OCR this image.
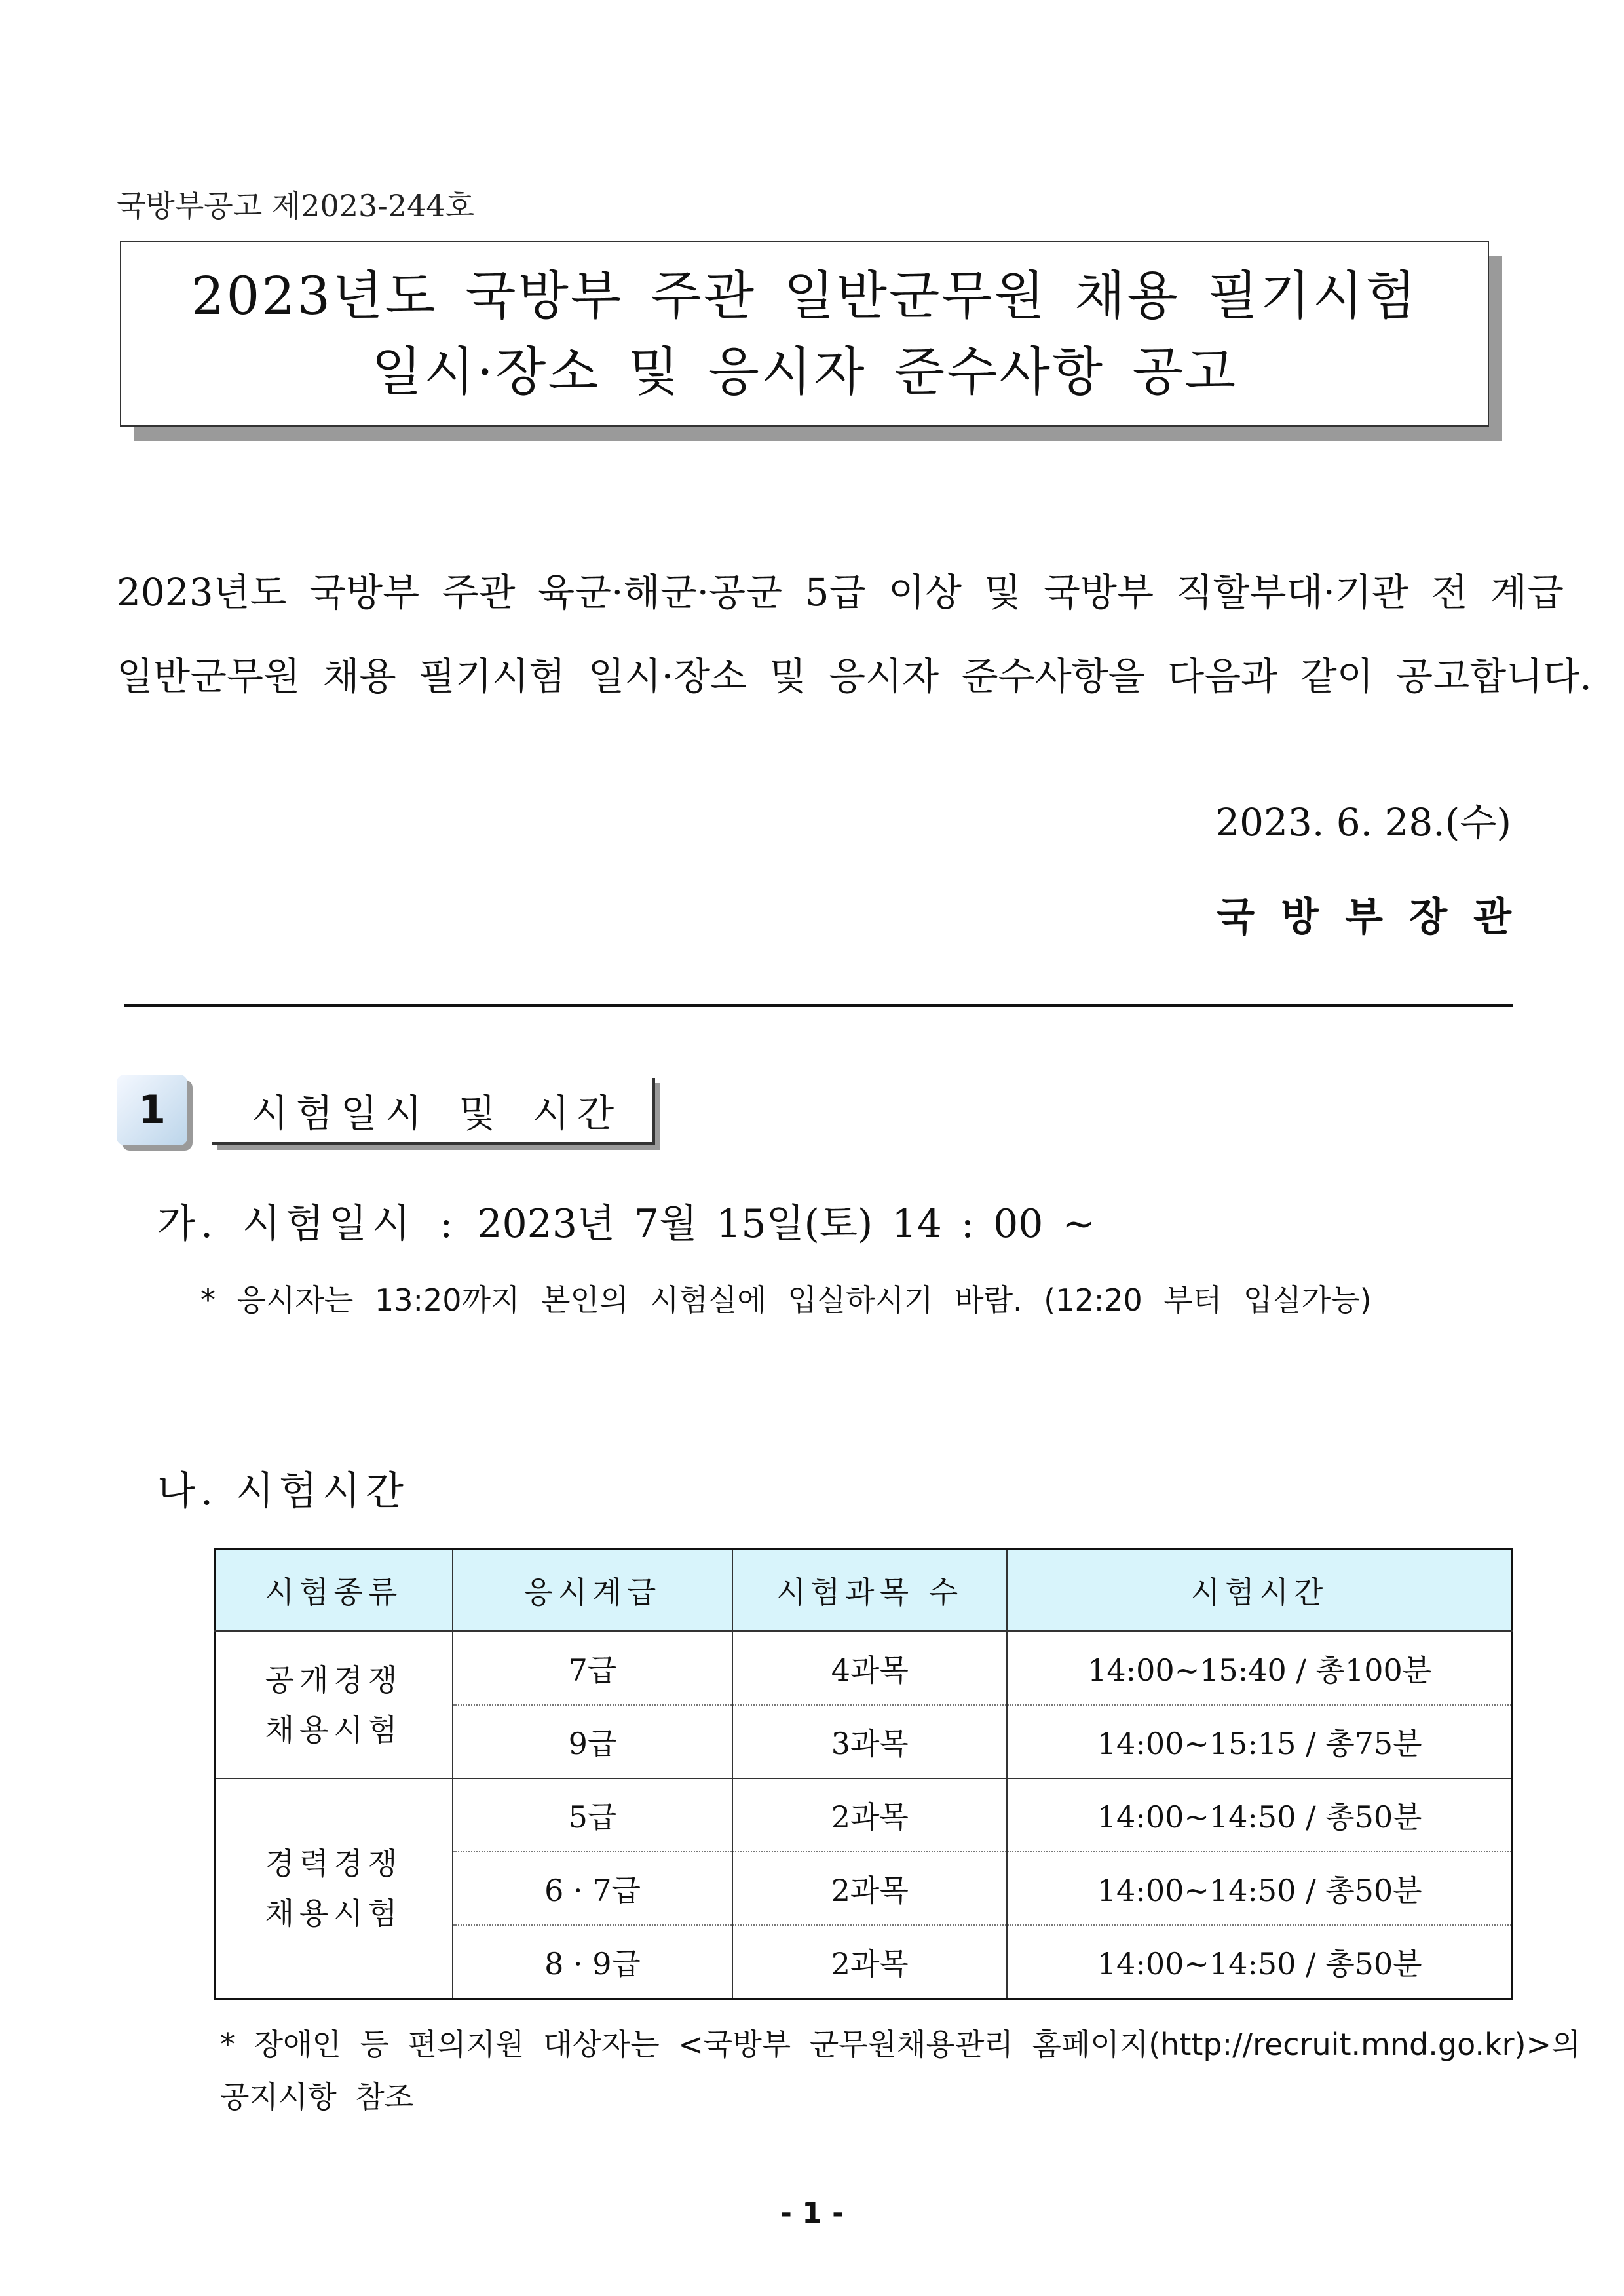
국방부공고 제2023-244호
2023년도 국방부 주관 일반군무원 채용 필기시험
일시·장소 및 응시자 준수사항 공고
2023년도 국방부 주관 육군·해군·공군 5급 이상 및 국방부 직할부대·기관 전 계급
일반군무원 채용 필기시험 일시·장소 및 응시자 준수사항을 다음과 같이 공고합니다.
2023. 6. 28.(수)
국방부장관
1	시험일시 및 시간
가. 시험일시 : 2023년 7월 15일(토) 14 : 00 ~
* 응시자는 13:20까지 본인의 시험실에 입실하시기 바람. (12:20 부터 입실가능)
나. 시험시간
시험종류	응시계급	시험과목 수	시험시간

공개경쟁
채용시험	7급	4과목	14:00~15:40 / 총100분
	9급	3과목	14:00~15:15 / 총75분

경력경쟁
채용시험	5급	2과목	14:00~14:50 / 총50분
	6 · 7급	2과목	14:00~14:50 / 총50분
	8 · 9급	2과목	14:00~14:50 / 총50분
* 장애인 등 편의지원 대상자는 <국방부 군무원채용관리 홈페이지(http://recruit.mnd.go.kr)>의
공지시항 참조
- 1 -
